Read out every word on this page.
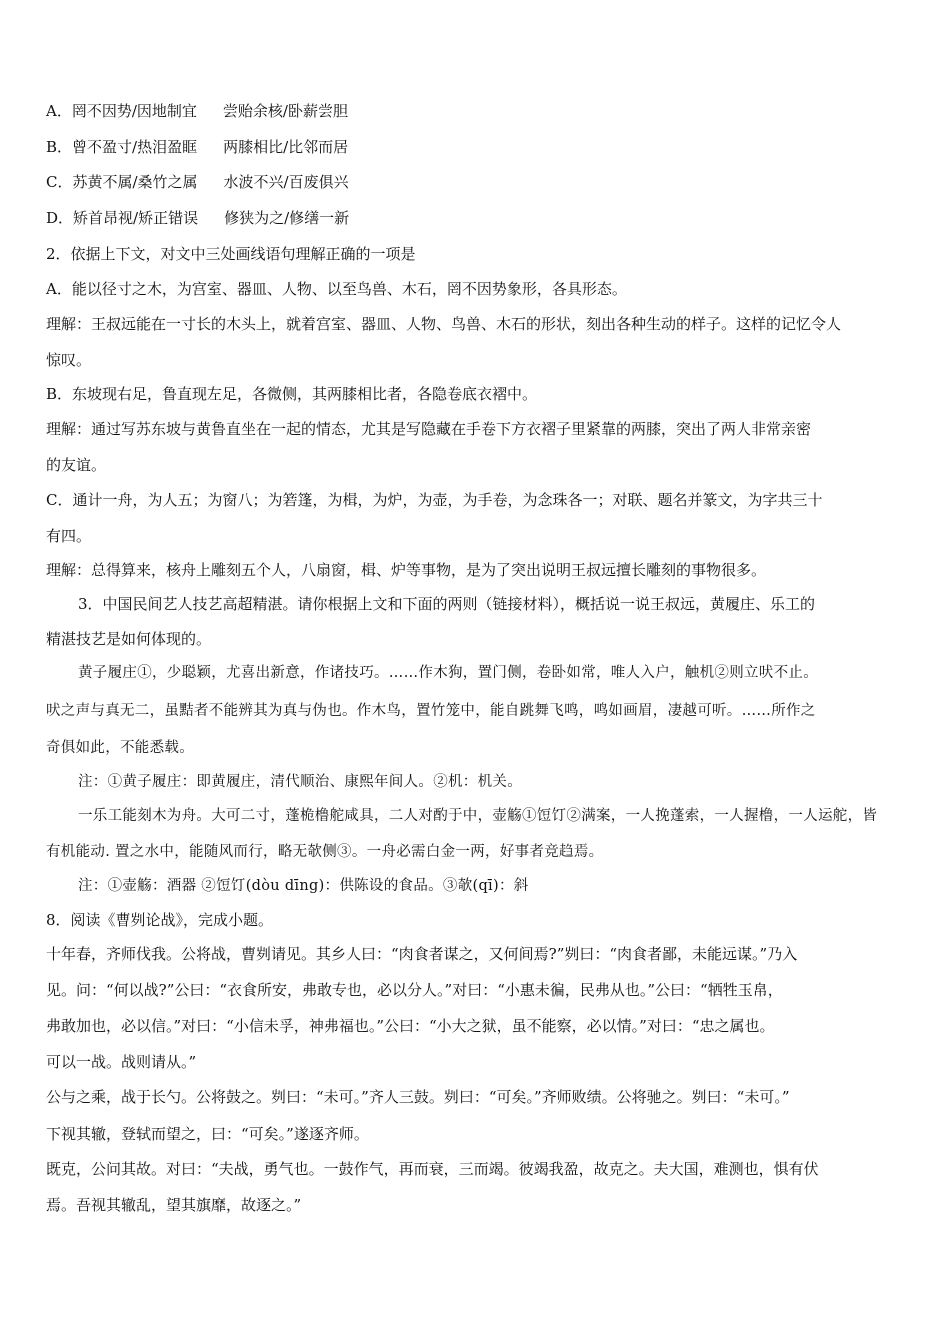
A．罔不因势/因地制宜 尝贻余核/卧薪尝胆
B．曾不盈寸/热泪盈眶 两膝相比/比邻而居
C．苏黄不属/桑竹之属 水波不兴/百废俱兴
D．矫首昂视/矫正错误 修狭为之/修缮一新
2．依据上下文，对文中三处画线语句理解正确的一项是
A．能以径寸之木，为宫室、器皿、人物、以至鸟兽、木石，罔不因势象形，各具形态。
理解：王叔远能在一寸长的木头上，就着宫室、器皿、人物、鸟兽、木石的形状，刻出各种生动的样子。这样的记忆令人
惊叹。
B．东坡现右足，鲁直现左足，各微侧，其两膝相比者，各隐卷底衣褶中。
理解：通过写苏东坡与黄鲁直坐在一起的情态，尤其是写隐藏在手卷下方衣褶子里紧靠的两膝，突出了两人非常亲密
的友谊。
C．通计一舟，为人五；为窗八；为箬篷，为楫，为炉，为壶，为手卷，为念珠各一；对联、题名并篆文，为字共三十
有四。
理解：总得算来，核舟上雕刻五个人，八扇窗，楫、炉等事物，是为了突出说明王叔远擅长雕刻的事物很多。
3．中国民间艺人技艺高超精湛。请你根据上文和下面的两则（链接材料），概括说一说王叔远，黄履庄、乐工的
精湛技艺是如何体现的。
黄子履庄①，少聪颖，尤喜出新意，作诸技巧。……作木狗，置门侧，卷卧如常，唯人入户，触机②则立吠不止。
吠之声与真无二，虽黠者不能辨其为真与伪也。作木鸟，置竹笼中，能自跳舞飞鸣，鸣如画眉，凄越可听。……所作之
奇俱如此，不能悉载。
注：①黄子履庄：即黄履庄，清代顺治、康熙年间人。②机：机关。
一乐工能刻木为舟。大可二寸，蓬桅橹舵咸具，二人对酌于中，壶觞①饾饤②满案，一人挽蓬索，一人握橹，一人运舵，皆
有机能动. 置之水中，能随风而行，略无欹侧③。一舟必需白金一两，好事者竞趋焉。
注：①壶觞：酒器 ②饾饤(dòu dīng)：供陈设的食品。③欹(qī)：斜
8．阅读《曹刿论战》，完成小题。
十年春，齐师伐我。公将战，曹刿请见。其乡人曰：“肉食者谋之，又何间焉?”刿曰：“肉食者鄙，未能远谋。”乃入
见。问：“何以战?”公曰：“衣食所安，弗敢专也，必以分人。”对曰：“小惠未徧，民弗从也。”公曰：“牺牲玉帛，
弗敢加也，必以信。”对曰：“小信未孚，神弗福也。”公曰：“小大之狱，虽不能察，必以情。”对曰：“忠之属也。
可以一战。战则请从。”
公与之乘，战于长勺。公将鼓之。刿曰：“未可。”齐人三鼓。刿曰：“可矣。”齐师败绩。公将驰之。刿曰：“未可。”
下视其辙，登轼而望之，曰：“可矣。”遂逐齐师。
既克，公问其故。对曰：“夫战，勇气也。一鼓作气，再而衰，三而竭。彼竭我盈，故克之。夫大国，难测也，惧有伏
焉。吾视其辙乱，望其旗靡，故逐之。”
